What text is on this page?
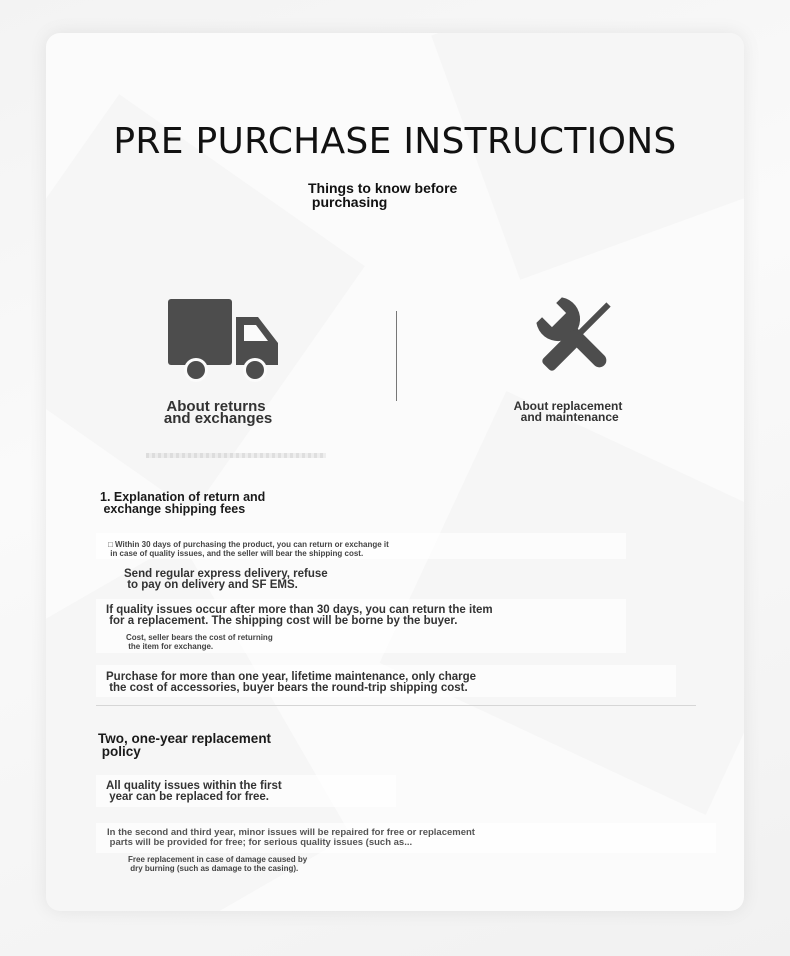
PRE PURCHASE INSTRUCTIONS
Things to know before
purchasing
About returns
and exchanges
About replacement
and maintenance
1. Explanation of return and
exchange shipping fees
□ Within 30 days of purchasing the product, you can return or exchange it
in case of quality issues, and the seller will bear the shipping cost.
Send regular express delivery, refuse
to pay on delivery and SF EMS.
If quality issues occur after more than 30 days, you can return the item
for a replacement. The shipping cost will be borne by the buyer.
Cost, seller bears the cost of returning
the item for exchange.
Purchase for more than one year, lifetime maintenance, only charge
the cost of accessories, buyer bears the round-trip shipping cost.
Two, one-year replacement
policy
All quality issues within the first
year can be replaced for free.
In the second and third year, minor issues will be repaired for free or replacement
parts will be provided for free; for serious quality issues (such as...
Free replacement in case of damage caused by
dry burning (such as damage to the casing).
